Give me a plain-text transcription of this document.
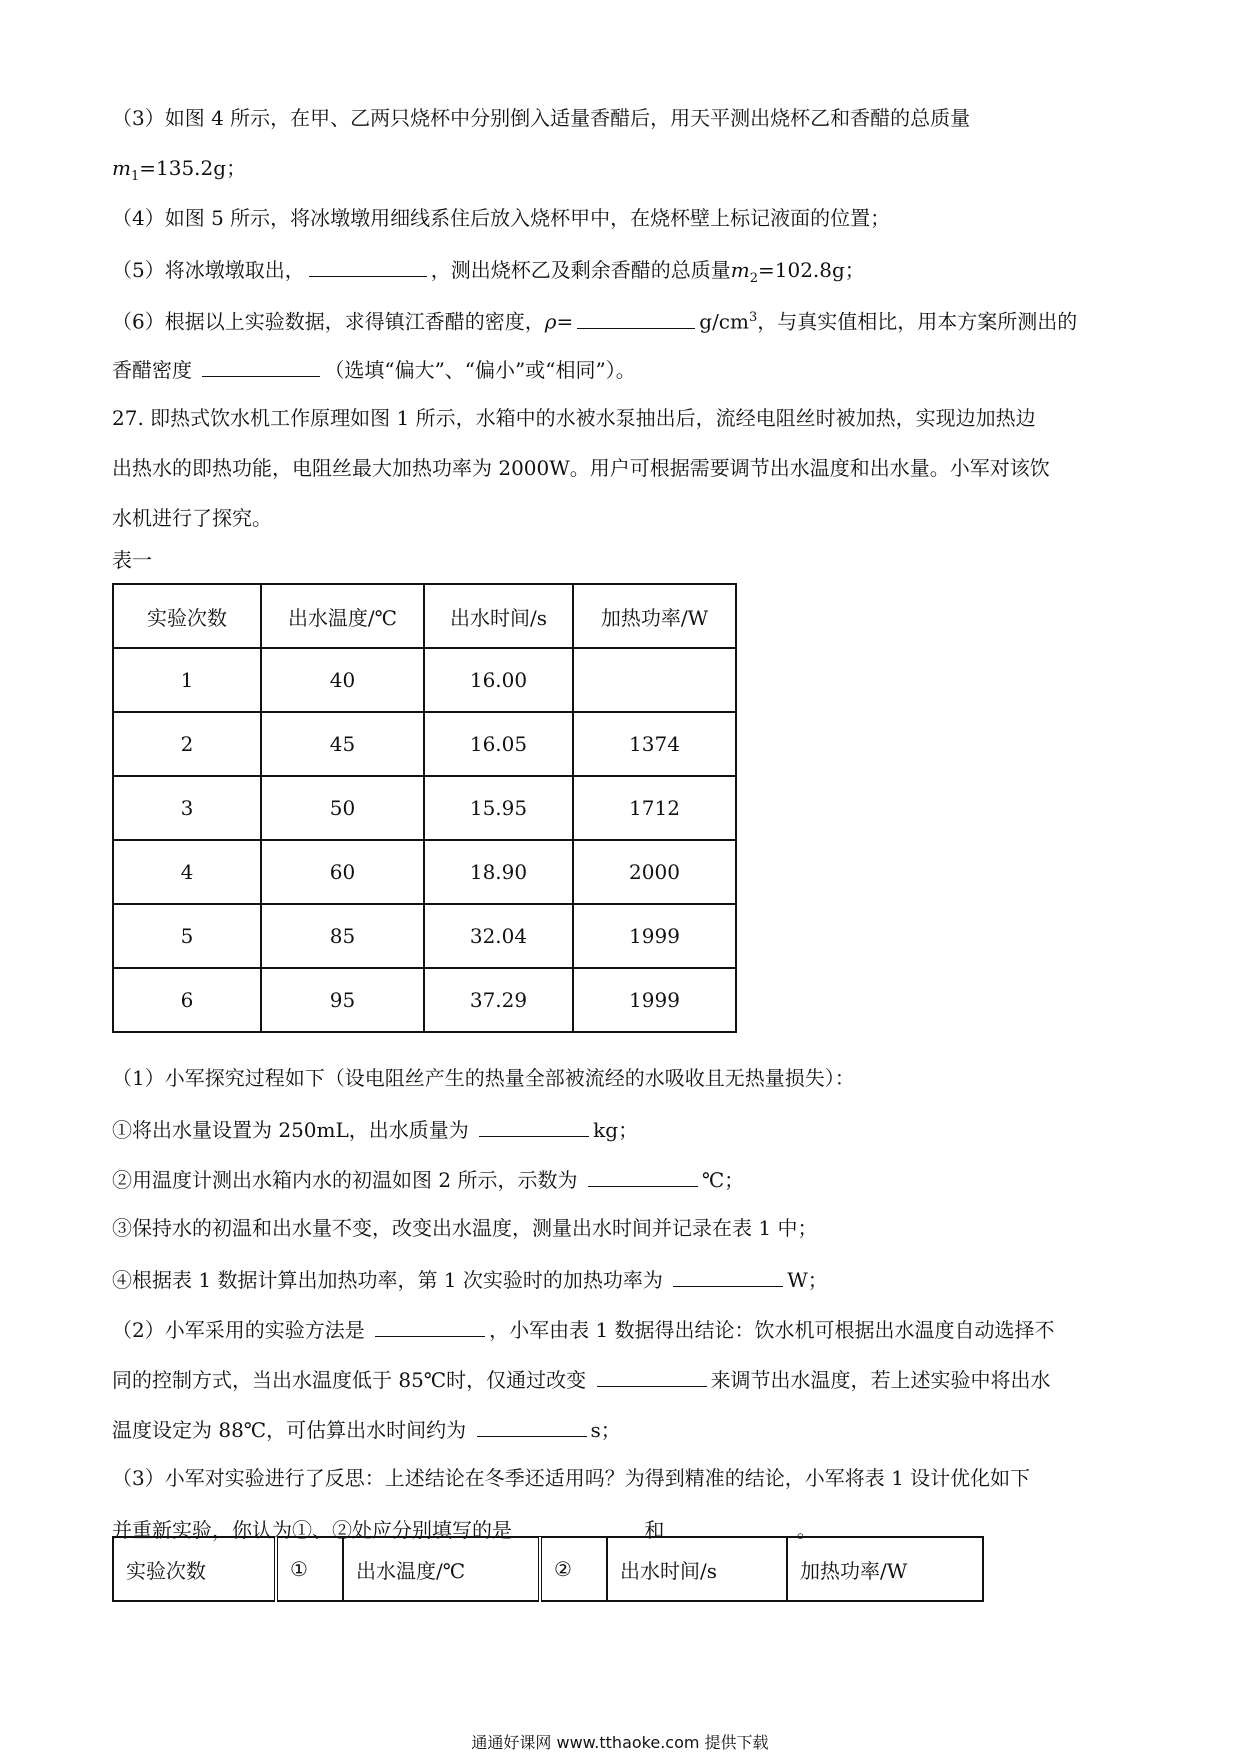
（3）如图 4 所示，在甲、乙两只烧杯中分别倒入适量香醋后，用天平测出烧杯乙和香醋的总质量
$m_1=135.2g$；
（4）如图 5 所示，将冰墩墩用细线系住后放入烧杯甲中，在烧杯壁上标记液面的位置；
（5）将冰墩墩取出，	，测出烧杯乙及剩余香醋的总质量$m_2=102.8g$；
（6）根据以上实验数据，求得镇江香醋的密度，ρ=	$g/cm^3$，与真实值相比，用本方案所测出的
香醋密度	（选填“偏大”、“偏小”或“相同”）。
27. 即热式饮水机工作原理如图 1 所示，水箱中的水被水泵抽出后，流经电阻丝时被加热，实现边加热边
出热水的即热功能，电阻丝最大加热功率为 2000W。用户可根据需要调节出水温度和出水量。小军对该饮
水机进行了探究。
表一
实验次数	出水温度/℃	出水时间/s	加热功率/W
1	40	16.00	
2	45	16.05	1374
3	50	15.95	1712
4	60	18.90	2000
5	85	32.04	1999
6	95	37.29	1999
（1）小军探究过程如下（设电阻丝产生的热量全部被流经的水吸收且无热量损失）：
①将出水量设置为 250mL，出水质量为	kg；
②用温度计测出水箱内水的初温如图 2 所示，示数为	℃；
③保持水的初温和出水量不变，改变出水温度，测量出水时间并记录在表 1 中；
④根据表 1 数据计算出加热功率，第 1 次实验时的加热功率为	W；
（2）小军采用的实验方法是	，小军由表 1 数据得出结论：饮水机可根据出水温度自动选择不
同的控制方式，当出水温度低于 85℃时，仅通过改变	来调节出水温度，若上述实验中将出水
温度设定为 88℃，可估算出水时间约为	s；
（3）小军对实验进行了反思：上述结论在冬季还适用吗？为得到精准的结论，小军将表 1 设计优化如下
并重新实验，你认为①、②处应分别填写的是	和	。
实验次数	①	出水温度/℃	②	出水时间/s	加热功率/W
通通好课网 www.tthaoke.com 提供下载
